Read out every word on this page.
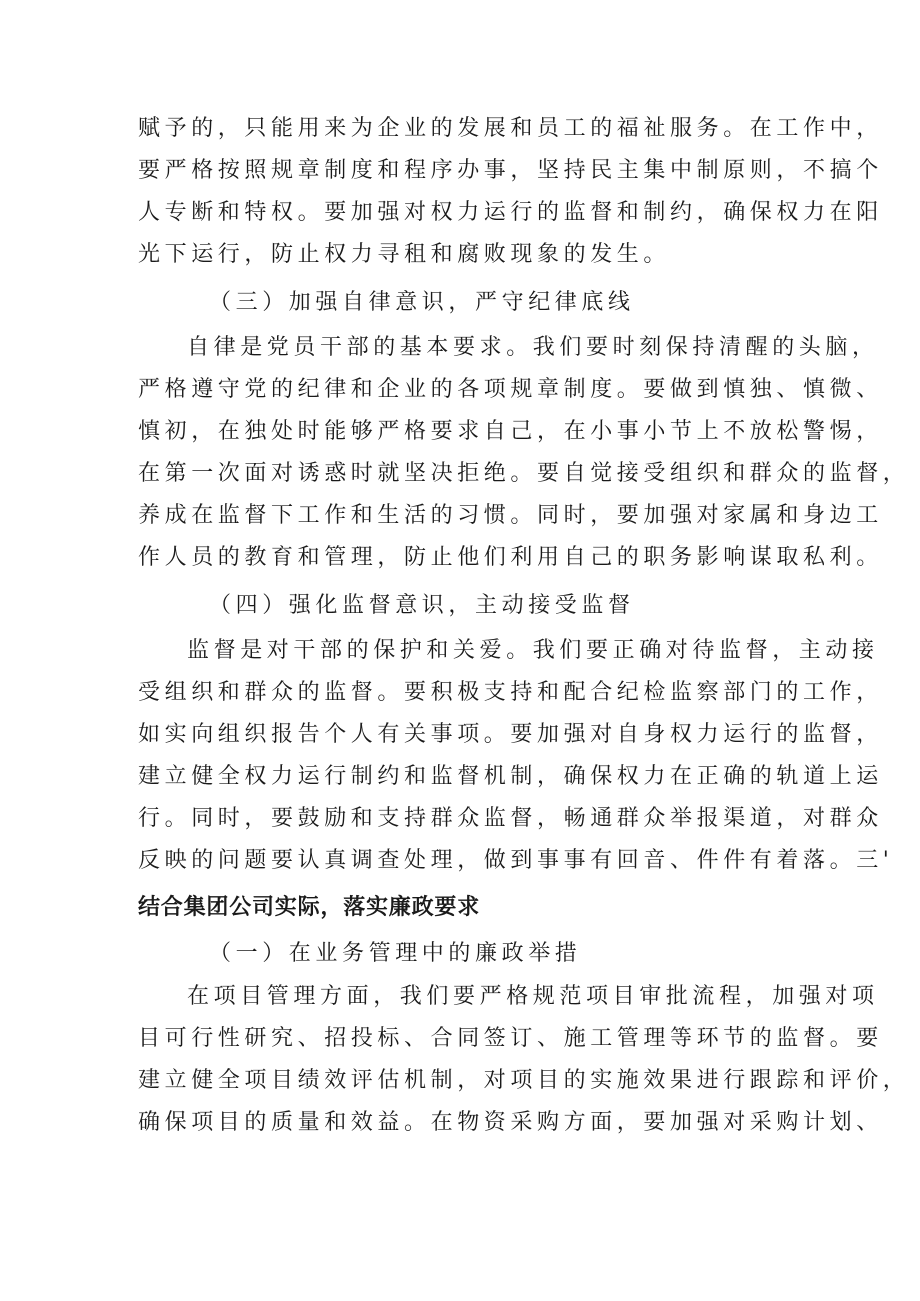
赋予的，只能用来为企业的发展和员工的福祉服务。在工作中，
要严格按照规章制度和程序办事，坚持民主集中制原则，不搞个
人专断和特权。要加强对权力运行的监督和制约，确保权力在阳
光下运行，防止权力寻租和腐败现象的发生。
（三）加强自律意识，严守纪律底线
自律是党员干部的基本要求。我们要时刻保持清醒的头脑，
严格遵守党的纪律和企业的各项规章制度。要做到慎独、慎微、
慎初，在独处时能够严格要求自己，在小事小节上不放松警惕，
在第一次面对诱惑时就坚决拒绝。要自觉接受组织和群众的监督，
养成在监督下工作和生活的习惯。同时，要加强对家属和身边工
作人员的教育和管理，防止他们利用自己的职务影响谋取私利。
（四）强化监督意识，主动接受监督
监督是对干部的保护和关爱。我们要正确对待监督，主动接
受组织和群众的监督。要积极支持和配合纪检监察部门的工作，
如实向组织报告个人有关事项。要加强对自身权力运行的监督，
建立健全权力运行制约和监督机制，确保权力在正确的轨道上运
行。同时，要鼓励和支持群众监督，畅通群众举报渠道，对群众
反映的问题要认真调查处理，做到事事有回音、件件有着落。三'
结合集团公司实际，落实廉政要求
（一）在业务管理中的廉政举措
在项目管理方面，我们要严格规范项目审批流程，加强对项
目可行性研究、招投标、合同签订、施工管理等环节的监督。要
建立健全项目绩效评估机制，对项目的实施效果进行跟踪和评价，
确保项目的质量和效益。在物资采购方面，要加强对采购计划、
